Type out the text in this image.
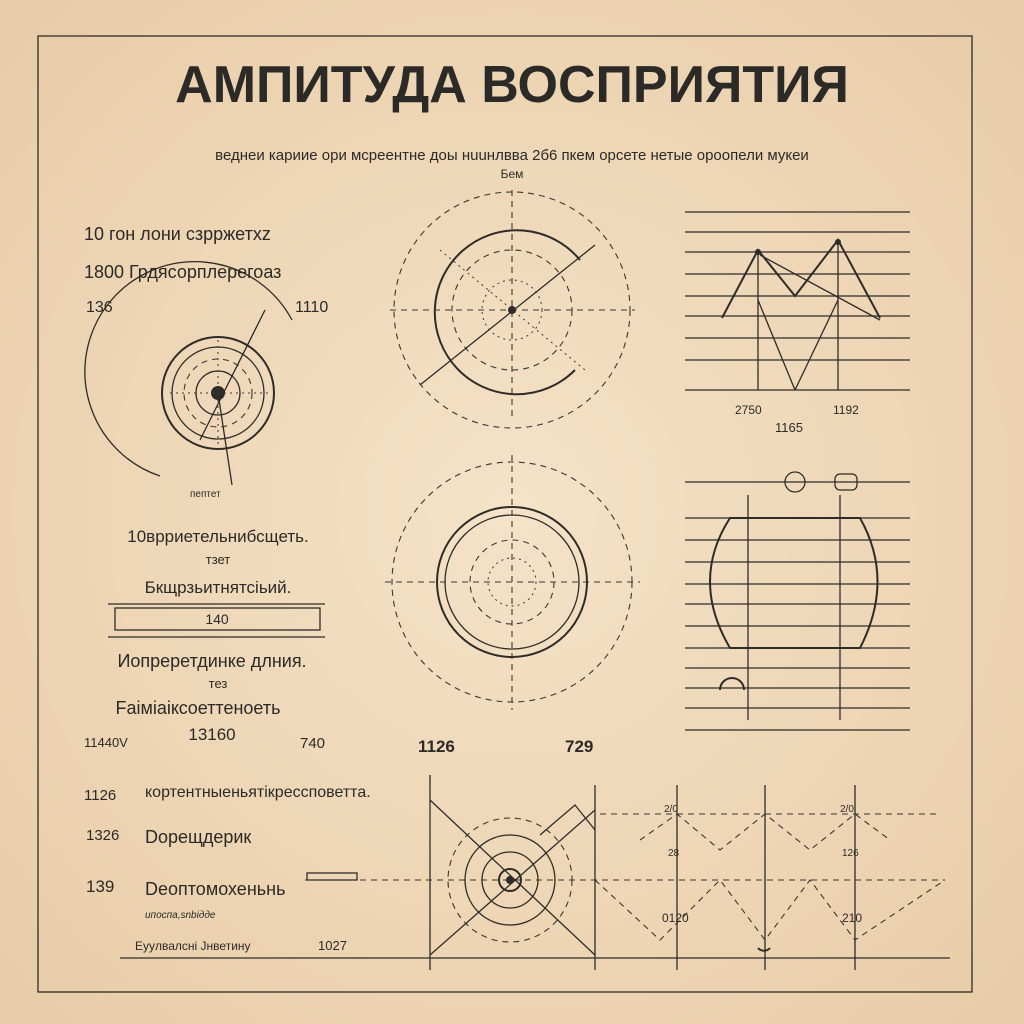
АМПИТУДА ВОСПРИЯТИЯ
веднеи кариие ори мсреентне доы нuuнлвва 2б6 пкем oрсете нетые оpoопели мукеи
Бем
10 гон лони сзрржетхz
1800 Грдясорплерегоаз
136	1110
пептет
10врриетельнибсщеть.
тзет
Бкщрзьитнятсіьий.
140
Иопреретдинке длния.
тез
Fаiмiaiкcоеттеноеть
11440V	13160	740	1126	729
2750	1192
1165
1126 кортентныеньятікрессповетта.
1326 Dорещдерик
139 Dеоптомохеньнь
ипоспа,snbiдде
Eyyлвалсні Jнветину	1027
2/0	2/0
28	126
0120	210
